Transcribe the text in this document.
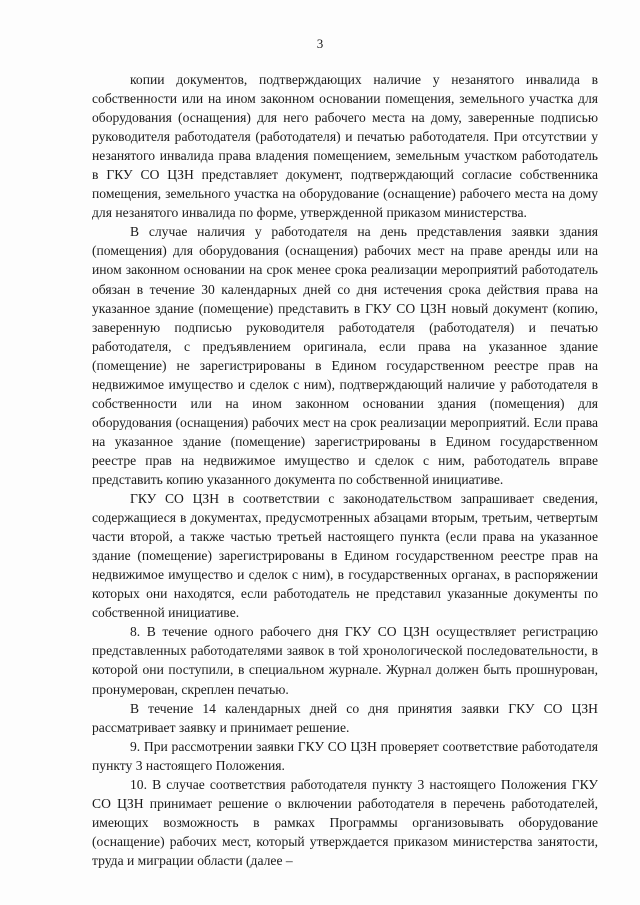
3

копии документов, подтверждающих наличие у незанятого инвалида в собственности или на ином законном основании помещения, земельного участка для оборудования (оснащения) для него рабочего места на дому, заверенные подписью руководителя работодателя (работодателя) и печатью работодателя. При отсутствии у незанятого инвалида права владения помещением, земельным участком работодатель в ГКУ СО ЦЗН представляет документ, подтверждающий согласие собственника помещения, земельного участка на оборудование (оснащение) рабочего места на дому для незанятого инвалида по форме, утвержденной приказом министерства.

В случае наличия у работодателя на день представления заявки здания (помещения) для оборудования (оснащения) рабочих мест на праве аренды или на ином законном основании на срок менее срока реализации мероприятий работодатель обязан в течение 30 календарных дней со дня истечения срока действия права на указанное здание (помещение) представить в ГКУ СО ЦЗН новый документ (копию, заверенную подписью руководителя работодателя (работодателя) и печатью работодателя, с предъявлением оригинала, если права на указанное здание (помещение) не зарегистрированы в Едином государственном реестре прав на недвижимое имущество и сделок с ним), подтверждающий наличие у работодателя в собственности или на ином законном основании здания (помещения) для оборудования (оснащения) рабочих мест на срок реализации мероприятий. Если права на указанное здание (помещение) зарегистрированы в Едином государственном реестре прав на недвижимое имущество и сделок с ним, работодатель вправе представить копию указанного документа по собственной инициативе.

ГКУ СО ЦЗН в соответствии с законодательством запрашивает сведения, содержащиеся в документах, предусмотренных абзацами вторым, третьим, четвертым части второй, а также частью третьей настоящего пункта (если права на указанное здание (помещение) зарегистрированы в Едином государственном реестре прав на недвижимое имущество и сделок с ним), в государственных органах, в распоряжении которых они находятся, если работодатель не представил указанные документы по собственной инициативе.

8. В течение одного рабочего дня ГКУ СО ЦЗН осуществляет регистрацию представленных работодателями заявок в той хронологической последовательности, в которой они поступили, в специальном журнале. Журнал должен быть прошнурован, пронумерован, скреплен печатью.

В течение 14 календарных дней со дня принятия заявки ГКУ СО ЦЗН рассматривает заявку и принимает решение.

9. При рассмотрении заявки ГКУ СО ЦЗН проверяет соответствие работодателя пункту 3 настоящего Положения.

10. В случае соответствия работодателя пункту 3 настоящего Положения ГКУ СО ЦЗН принимает решение о включении работодателя в перечень работодателей, имеющих возможность в рамках Программы организовывать оборудование (оснащение) рабочих мест, который утверждается приказом министерства занятости, труда и миграции области (далее –
